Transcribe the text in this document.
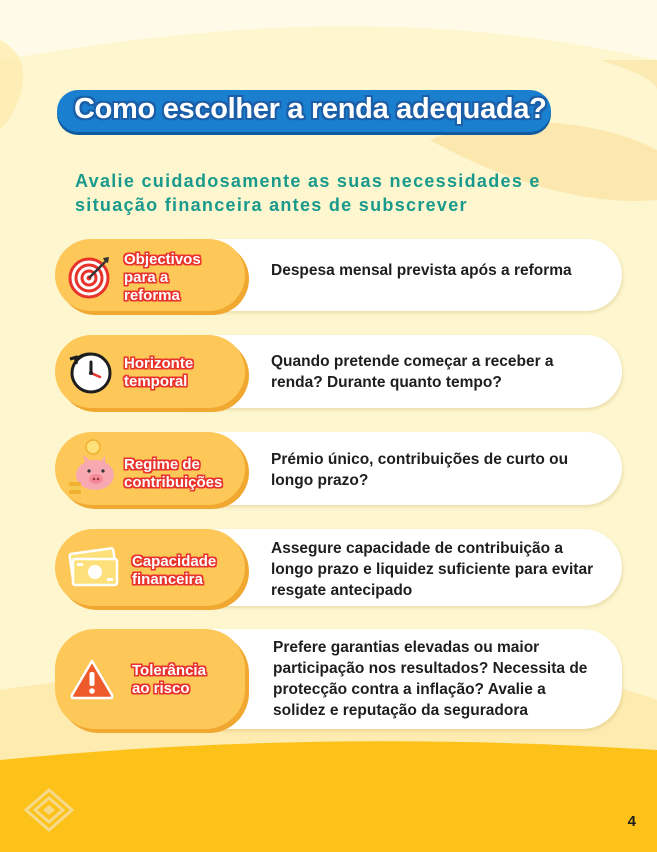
Como escolher a renda adequada?

Avalie cuidadosamente as suas necessidades e situação financeira antes de subscrever

Objectivos
para a
reforma

Despesa mensal prevista após a reforma

Horizonte
temporal

Quando pretende começar a receber a renda? Durante quanto tempo?

Regime de
contribuições

Prémio único, contribuições de curto ou longo prazo?

Capacidade
financeira

Assegure capacidade de contribuição a longo prazo e liquidez suficiente para evitar resgate antecipado

Tolerância
ao risco

Prefere garantias elevadas ou maior participação nos resultados? Necessita de protecção contra a inflação? Avalie a solidez e reputação da seguradora

4
